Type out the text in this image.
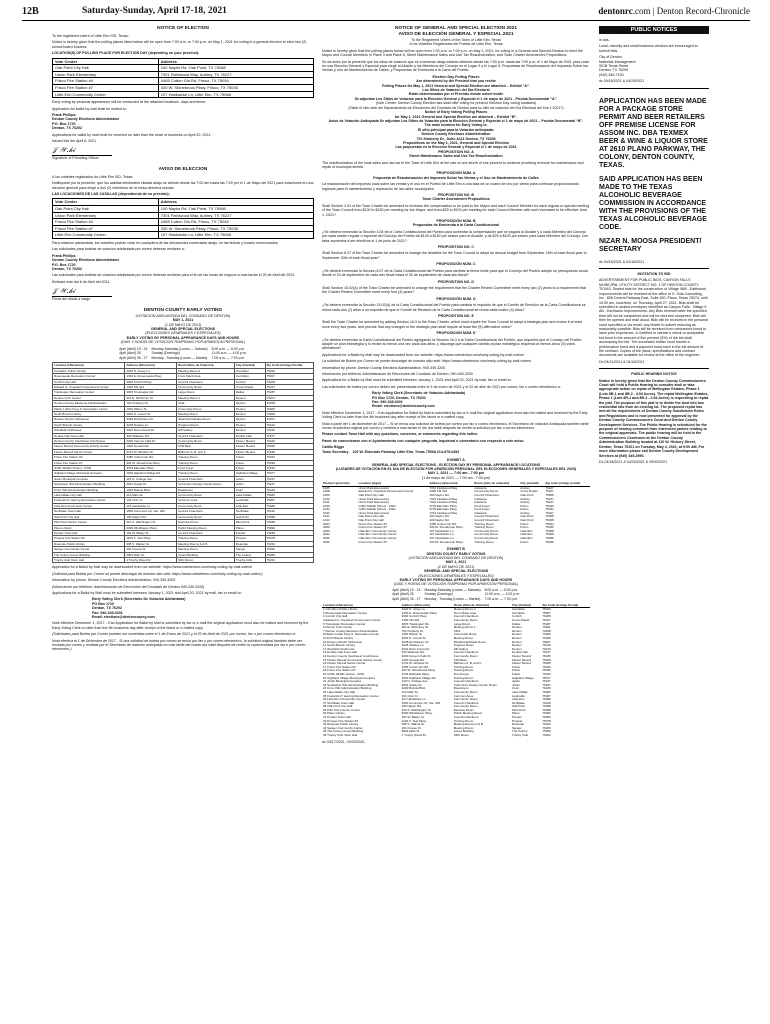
12B	Saturday-Sunday, April 17-18, 2021	dentonrc.com | Denton Record-Chronicle
NOTICE OF ELECTION
To the registered voters of Little Elm ISD, Texas:
Notice is hereby given that the polling places listed below will be open from 7:00 a.m. to 7:00 p.m. on May 1, 2021 for voting in a general election to elect two (2) school board trustees.
LOCATION(S) OF POLLING PLACE FOR ELECTION DAY (depending on your precinct):
Vote Center	Address
Oak Point City Hall	100 Naylor Rd, Oak Point, TX 75068
Union Park Elementary	7301 Fieldwood Way, Aubrey, TX 76227
Frisco Fire Station #4	4485 Cotton Gin Rd, Frisco, TX 75034
Frisco Fire Station #7	330 W. Stonebrook Pkwy, Frisco, TX 75036
Little Elm Community Center	107 Hardwicke Ln, Little Elm, TX 75068
Early voting by personal appearance will be conducted at the attached locations, days and times.
Application for ballot by mail shall be mailed to:
Frank Phillips
Denton County Elections Administrator
P.O. Box 1720
Denton, TX 76202
Applications for ballot by mail must be received no later than the close of business on April 20, 2021.
Issued this the April 6, 2021.
𝒥 𝒲.𝒽𝒾
Signature of Presiding Officer
AVISO DE ELECCION
A los votantes registrados de Little Elm ISD, Texas:
Notifíquese por la presente, que los casillas electorales citadas abajo se abrirán desde las 7:00 am hasta las 7:00 pm el 1 de Mayo del 2021 para votaciones en una elección general para elegir a dos (2) miembros de la mesa directiva escolar.
LAS LOCACIONES DE LAS CASILLAS (dependiendo de su precinto):
Vote Center	Address
Oak Point City Hall	100 Naylor Rd, Oak Point, TX 75068
Union Park Elementary	7301 Fieldwood Way, Aubrey, TX 76227
Frisco Fire Station #4	4485 Cotton Gin Rd, Frisco, TX 75034
Frisco Fire Station #7	330 W. Stonebrook Pkwy, Frisco, TX 75036
Little Elm Community Center	107 Hardwicke Ln, Little Elm, TX 75068
Para votacion adelantada, los votantes podran votar en cualquiera de las ubicaciones nombradas abajo, en las fechas y horario mencionados.
Las solicitudes para boletas de votacion adelantada por correo deberan enviarse a:
Frank Phillips
Denton County Elections Administrator
P.O. Box 1720
Denton, TX 76202
Las solicitudes para boletas de votacion adelantada por correo deberan recibirse para el fin de las horas de negocio a mas tardar el 20 de Abril del 2021.
Emitada este dia 6 de Abril del 2021.
𝒥 𝒲.𝒽𝒾
Firma del oficial a cargo
DENTON COUNTY EARLY VOTING
(VOTACION ADELANTADA DEL CONDADO DE DENTON)
MAY 1, 2021
(1 DE MAYO DE 2021)
GENERAL AND SPECIAL ELECTIONS
(ELECCIONES GENERALES Y ESPECIALES)
EARLY VOTING BY PERSONAL APPEARANCE DAYS AND HOURS
(DIAS Y HORAS DE VOTACION TEMPRANO POR APARICION PERSONAL)
April (Abril) 19 - 24	Monday-Saturday (Lunes — Sabado)	8:00 a.m. — 5:00 p.m.
April (Abril) 25	Sunday (Domingo)	11:00 a.m. — 4:00 p.m.
April (Abril) 26 - 27	Monday - Tuesday (Lunes — Martes)	7:00 a.m. — 7:00 p.m.
Location (Ubicación)	Address (Dirección)	Room (Sitio de Votación)	City (Ciudad)	Zip Code (Código Postal)
Carrollton Public Library	4220 N. Josey Ln.	Meeting Room 2	Carrollton	75010
Rosemeade Recreation Center	1330 E. Rosemeade Pkwy.	Front Stack Area	Carrollton	75007
Corinth City Hall	3300 Corinth Pkwy.	Council Chambers	Corinth	76208
Edward G. Copeland Government Center	1400 FM 424	Community Room	Cross Roads	76227
Trietsiogter Recreation Center	3815 Trietsiogter Rd.	Large Room	Dallas	75287
Denton Civic Center	321 E. McKinney St.	Meeting Room 1	Denton	76201
Denton County Elections Administration	701 Kimberly Dr.	A111	Denton	76208
Martin Luther King Jr. Recreation Center	1300 Wilson St.	Annemarie Room	Denton	76205
North Branch Library	3020 N. Locust St.	Meeting Room	Denton	76209
Robson Ranch Clubhouse	9428 Ed Robson Cir.	Weatherford/Hale Room	Denton	76207
South Branch Library	3228 Teasley Ln.	Program Room	Denton	76210
Westfield Clubhouse	3301 River Forest Dr.	Hill Gallery	Denton	76210
Double Oak Town Hall	320 Waketon Rd.	Council Chambers	Double Oak	75077
Denton County Southwest Courthouse	6200 Canyon Falls Dr.	Community Room	Flower Mound	76226
Flower Mound Community Activity Center	1200 Gerault Rd.	Chili Bear	Flower Mound	75028
Flower Mound Senior Center	2701 W. Windsor Dr.	Ballroom A, B, and C	Flower Mound	75028
Frisco Fire Station #4	4485 Cotton Gin Rd.	Training Room	Frisco	75034
Frisco Fire Station #7	330 W. Stonebrook Pkwy.	Training Room	Frisco	75036
Griffin Middle School - FISD	3703 Eldorado Pkwy.	Front Foyer	Frisco	75033
Highland Village Municipal Complex	1000 Highland Village Rd.	Training Room	Highland Village	75077
Justin Municipal Complex	415 N. College Ave.	Council Chambers	Justin	76247
Southwest ISD Administration Building	2001 Teasly Dr.	Curriculum Design Center Room	Justin	76247
Krum ISD Administration Building	1200 Bobcat Blvd.	Boardroom	Krum	76249
Lake Dallas City Hall	212 Main St.	Community Room	Lake Dallas	75065
Frederick P. Herring Recreation Center	191 Civic Cr.	Common Area	Lewisville	75067
Little Elm Community Center	107 Hardwicke Ln.	Community Room	Little Elm	75068
Northlake Town Hall	1500 Commons Cir. Ste. 300	Council Chambers	Northlake	76226
Oak Point City Hall	100 Naylor Rd.	Community Room	Oak Point	75068
Pilot Point Senior Center	310 S. Washington St.	Exercise Room	Pilot Point	76258
Plano Library	6300 Windhaven Pkwy.	Public Meeting Room	Plano	75093
Ponder Town Hall	102 W. Bailey St.	Council Chambers	Ponder	76259
Prosper Fire Station #2	1100 S. Teel Pkwy.	Training Room	Prosper	75078
Roanoke Public Library	308 S. Walnut St.	Meeting Rooms A & B	Roanoke	76262
Sanger Community Center	101 Freese Dr.	Meeting Room	Sanger	76266
The Colony Annex Building	6804 Main St.	Annex Building	The Colony	75056
Trophy Club Town Hall	1 Trophy Wood Dr.	SDC Room	Trophy Club	76262
Application for a Ballot by Mail may be downloaded from our website: https://www.votedenton.com/early-voting-by-mail-voters/
(Solicitud para Boleta por Correo se puede descargar de nuestro sitio web: https://www.votedenton.com/early-voting-by-mail-voters/)
Information by phone: Denton County Elections Administration, 940-349-3200
(Información por teléfono: Administración de Elecciones del Condado de Denton 940-349-3200)
Applications for a Ballot by Mail must be submitted between January 1, 2021 and April 20, 2021 by mail, fax or email to:
Early Voting Clerk (Secretario De Votación Adelantada)
PO Box 1720
Denton, TX 76202
Fax: 940-349-3201
Email: elections@dentoncounty.com
Note effective December 1, 2017 - If an Application for Ballot by Mail is submitted by fax or e-mail the original application must also be mailed and received by the Early Voting Clerk no later than the 4th business day after receipt of the faxed or e-mailed copy.
(Solicitudes para Boleta por Correo pueden ser sometidas entre el 1 de Enero de 2021 y el 20 de Abril de 2021 por correo, fax o por correo electrónico a:
Nota efectiva el 1 de Diciembre de 2017 - Si una solicitud de boleta por correo se envía por fax o por correo electrónico, la solicitud original también debe ser enviada por correo y recibida por el Secretario de votación anticipada no más tarde del cuarto día hábil después de recibir la copia enviada por fax o por correo electrónico.)
NOTICE OF GENERAL AND SPECIAL ELECTION 2021
AVISO DE ELECCIÓN GENERAL Y ESPECIAL 2021
To the Registered Voters of the Town of Little Elm, Texas
A los Votantes Registrados del Pueblo de Little Elm, Texas
Notice is hereby given that the polling places below will be open from 7:00 a.m. to 7:00 p.m. on May 1, 2021, for voting in a General and Special Election to elect the Mayor and Council Members in Place 3 and Place 5, Street Maintenance Sales and Use Tax Reauthorization, and Town Charter Amendment Propositions.
Se da aviso por la presente que los sitios de votación que se enumeran abajo estarán abiertos desde las 7:00 a.m. hasta las 7:00 p.m. el 1 de Mayo de 2021 para votar en una Elección General y Especial para elegir al Alcalde y los Miembros del Concejo en el Lugar 3 y el Lugar 5, Propuestas de Reautorización del Impuesto Sobre las Ventas y Uso de Mantenimiento de Calles, y Propuestas de Enmienda a la Carta del Pueblo.
Election Day Polling Places
Are determined by the Precinct that you reside
Polling Places for May 1, 2021 General and Special Election are attached – Exhibit “A”.
Los Sitios de Votación del Día Electoral
Están determinados por el Precinto donde usted reside
Se adjuntan Los Sitios de Votación para la Elección General y Especial el 1 de mayo de 2021 - Prueba Documental “A”.
(Vote Center: Denton County Election ass shall offer voting for precinct Election Day voting locations)
(Visite el sitio web del Departamento de Elecciones del Condado de Denton para su sitio de votación del Día Electoral del Día 1 2021?)
Notice of Early Voting Polling Places
for May 1, 2021 General and Special Election are attached – Exhibit “B”.
Aviso de Votación Anticipada Se adjuntan Los Sitios de Votación para la Elección General y Especial el 1 de mayo de 2021 – Prueba Documental “B”.
The main location for Early Voting is:
El sitio principal para la Votación anticipada:
Denton County Elections Administration
701 Kimberly Dr., Suite A111 Denton, TX 76208
Propositions on the May 1, 2021, General and Special Election
Las propuestas en la Elección General y Especial el 1 de mayo de 2021
PROPOSITION NO. A
Street Maintenance Sales and Use Tax Reauthorization
The reauthorization of the local sales and use tax in the Town of Little Elm at the rate of one-fourth of one percent to continue providing revenue for maintenance and repair of municipal streets.
PROPOSICIÓN NÚM. A
Propuesta de Reautorización del Impuesto Sobre las Ventas y el Uso de Mantenimiento de Calles
La reautorización del impuesto local sobre las ventas y el uso en el Pueblo de Little Elm a una tasa de un cuarto de uno por ciento para continuar proporcionando ingresos para el mantenimiento y reparación de las calles municipales.
PROPOSITION NO. B
Town Charter Amendment Propositions
Shall Section 3.04 of the Town Charter be amended to increase the compensation to be paid to the Mayor and each Council Member for each regular or special meeting of the Town Council from $100 to $150 per meeting for the Mayor, and from $25 to $100 per meeting for each Council Member with such increases to be effective June 1, 2021?
PROPOSICIÓN NÚM. B
Propuestas de Enmienda a la Carta Constitucional
¿Se deberá enmendar la Sección 3.04 de la Carta Constitucional del Pueblo para aumentar la compensación que se pagará al Alcalde y a cada Miembro del Concejo por cada sesión regular o especial del Concejo del Pueblo de $100 a $150 por sesión para el Alcalde, y de $25 a $100 por sesión para cada Miembro del Concejo, con tales aumentos a ser efectivos el 1 de junio de 2021?
PROPOSITION NO. C
Shall Section 8.07 of the Town Charter be amended to change the deadline for the Town Council to adopt an annual budget from September 15th of each fiscal year to September 30th of each fiscal year?
PROPOSICIÓN NÚM. C
¿Se deberá enmendar la Sección 8.07 de la Carta Constitucional del Pueblo para cambiar la fecha límite para que el Concejo del Pueblo adopte un presupuesto anual desde el 15 de septiembre de cada año fiscal hasta el 30 de septiembre de cada año fiscal?
PROPOSITION NO. D
Shall Section 15.02(A) of the Town Charter be amended to change the requirement that the Charter Review Committee meet every two (2) years to a requirement that the Charter Review Committee meet every four (4) years?
PROPOSICIÓN NÚM. D
¿Se deberá enmendar la Sección 15.02(A) de la Carta Constitucional del Pueblo para cambiar el requisito de que el Comité de Revisión de la Carta Constitucional se reúna cada dos (2) años a un requisito de que el Comité de Revisión de la Carta Constitucional se reúna cada cuatro (4) años?
PROPOSITION NO. E
Shall the Town Charter be amended by adding Section 16.3 to the Town Charter, which shall require the Town Council to adopt a strategic plan and review it at least once every two years, and provide that any changes to the strategic plan shall require at least five (5) affirmative votes?
PROPOSICIÓN NÚM. E
¿Se deberá enmendar la Carta Constitucional del Pueblo agregando la Sección 16.3 a la Carta Constitucional del Pueblo, que requerirá que el Concejo del Pueblo adopte un plan estratégico y lo revise al menos una vez cada dos años, y disponga que cualquier cambio al plan estratégico requerirá al menos cinco (5) votos afirmativos?
Applications for a Ballot by Mail may be downloaded from our website: https://www.votedenton.com/early-voting-by-mail-voters/
La solicitud de Boleta por Correo se puede descargar de nuestro sitio web: https://www.votedenton.com/early-voting-by-mail-voters/
Information by phone: Denton County Elections Administration, 940-349-3200
Información por teléfono: Administración de Elecciones del Condado de Denton, 940-349-3200
Applications for a Ballot by Mail must be submitted between January 1, 2021 and April 20, 2021 by mail, fax or email to:
Las solicitudes de boleta por correo deben ser presentadas entre el 1 de enero de 2021 y el 20 de abril de 2021 por correo, fax o correo electrónico a:
Early Voting Clerk (Secretario de Votación Adelantada)
PO Box 1720, Denton, TX 76202
Fax: 940-349-3201
Email: elections@dentoncounty.com
Note effective December 1, 2017 - If an Application for Ballot by Mail is submitted by fax or e-mail the original application must also be mailed and received by the Early Voting Clerk no later than the 4th business day after receipt of the faxed or e-mailed copy.
Nota a partir del 1 de diciembre de 2017 – Si se envía una solicitud de boleta por correo por fax o correo electrónico, el Secretario de Votación Anticipada también debe enviar la solicitud original por correo y recibirla a más tardar el 4to día hábil después de recibir la solicitud por fax o correo electrónico.
Please contact Town Hall with any questions, concerns, or comments regarding this notice.
Favor de comunicarse con el Ayuntamiento con cualquier pregunta, inquietud o comentario con respecto a este aviso.
Caitlin Biggs
Town Secretary 100 W. Eldorado Parkway Little Elm, Texas 75068 214-975-0452
EXHIBIT A
GENERAL AND SPECIAL ELECTIONS - ELECTION DAY BY PERSONAL APPEARANCE LOCATIONS
(LUGARES DE VOTACIÓN EN EL DÍA DE ELECCIÓN POR APARICIÓN PERSONAL DEL ELECCIONES GENERALES Y ESPECIALES DEL 2020)
MAY 1, 2021 — 7:00 am - 7:00 pm
(1 de mayo de 2021 — 7:00 am - 7:00 pm)
Precinct (precinto)	Location (lugar)	Address (dirección)	Room (sitio de votación)	City (ciudad)	Zip code (código postal)
1005	Union Park Elementary	7301 Fieldwood Way	Cafeteria	Aubrey	76227
1008	Edward G. Copeland Government Center	1400 FM 424	Community Room	Cross Roads	76227
1009	Oak Point City Hall	100 Naylor Rd.	Council Chambers	Oak Point	75068
1010	Union Park Elementary	7301 Fieldwood Way	Cafeteria	Aubrey	76227
1011	Union Park Elementary	7301 Fieldwood Way	Cafeteria	Aubrey	76227
1030	Griffin Middle School - FISD	3703 Eldorado Pkwy.	Front Foyer	Frisco	75033
1032	Griffin Middle School - FISD	3703 Eldorado Pkwy.	Front Foyer	Frisco	75033
1033	Union Park Elementary	7301 Fieldwood Way	Cafeteria	Aubrey	76227
1041	Oak Point City Hall	100 Naylor Rd.	Council Chambers	Oak Point	75068
1042	Oak Point City Hall	100 Naylor Rd.	Council Chambers	Oak Point	75068
2004	Frisco Fire Station #4	4485 Cotton Gin Rd.	Training Room	Frisco	75034
2009	Frisco Fire Station #7	330 W. Stonebrook Pkwy.	Training Room	Frisco	75036
2090	Little Elm Community Center	107 Hardwicke Ln.	Community Room	Little Elm	75068
2092	Little Elm Community Center	107 Hardwicke Ln.	Community Room	Little Elm	75068
2095	Little Elm Community Center	107 Hardwicke Ln.	Community Room	Little Elm	75068
2096	Frisco Fire Station #7	330 W. Stonebrook Pkwy.	Training Room	Frisco	75036
EXHIBIT B
DENTON COUNTY EARLY VOTING
(VOTACIÓN ADELANTADA DEL CONDADO DE DENTON)
MAY 1, 2021
(1 DE MAYO DE 2021)
GENERAL AND SPECIAL ELECTIONS
(ELECCIONES GENERALES Y ESPECIALES)
EARLY VOTING BY PERSONAL APPEARANCE DAYS AND HOURS
(DÍAS Y HORAS DE VOTACIÓN TEMPRANO POR APARICIÓN PERSONAL)
April (Abril) 19 - 24	Monday-Saturday (Lunes — Sábado)	8:00 a.m. — 5:00 p.m.
April (Abril) 25	Sunday (Domingo)	11:00 a.m. — 4:00 p.m.
April (Abril) 26 - 27	Monday - Tuesday (Lunes — Martes)	7:00 a.m. — 7:00 p.m.
Location (Ubicación)	Address (Dirección)	Room (Sitio de Votación)	City (Ciudad)	Zip Code (Código Postal)
1 Carrollton Public Library	4220 N. Josey Ln.	Meeting Room 2	Carrollton	75010
2 Rosemeade Recreation Center	1330 E. Rosemeade Pkwy.	Front Stack Area	Carrollton	75007
3 Corinth City Hall	3300 Corinth Pkwy.	Council Chambers	Corinth	76208
4 Edward G. Copeland Government Center	1400 FM 424	Community Room	Cross Roads	76227
5 Trietsiogter Recreation Center	3815 Trietsiogter Rd.	Large Room	Dallas	75287
6 Denton Civic Center	321 E. McKinney St.	Meeting Room 1	Denton	76201
7 Denton County Elections Administration	701 Kimberly Dr.	A111	Denton	76208
8 Martin Luther King Jr. Recreation Center	1300 Wilson St.	Annemarie Room	Denton	76205
9 North Branch Library	3020 N. Locust St.	Meeting Room	Denton	76209
10 Robson Ranch Clubhouse	9428 Ed Robson Cir.	Weatherford/Hale Room	Denton	76207
11 South Branch Library	3228 Teasley Ln.	Program Room	Denton	76210
12 Westfield Clubhouse	3301 River Forest Dr.	Hill Gallery	Denton	76210
13 Double Oak Town Hall	320 Waketon Rd.	Council Chambers	Double Oak	75077
14 Denton County Southwest Courthouse	6200 Canyon Falls Dr.	Community Room	Flower Mound	76226
15 Flower Mound Community Activity Center	1200 Gerault Rd.	Chili Bear	Flower Mound	75028
16 Flower Mound Senior Center	2701 W. Windsor Dr.	Ballroom A, B, and C	Flower Mound	75028
17 Frisco Fire Station #4	4485 Cotton Gin Rd.	Training Room	Frisco	75034
18 Frisco Fire Station #7	330 W. Stonebrook Pkwy.	Training Room	Frisco	75036
19 Griffin Middle School - FISD	3703 Eldorado Pkwy.	Front Foyer	Frisco	75033
20 Highland Village Municipal Complex	1000 Highland Village Rd.	Training Room	Highland Village	75077
21 Justin Municipal Complex	415 N. College Ave.	Council Chambers	Justin	76247
22 Southwest ISD Administration Building	2001 Teasly Dr.	Curriculum Design Center Room	Justin	76247
23 Krum ISD Administration Building	1200 Bobcat Blvd.	Boardroom	Krum	76249
24 Lake Dallas City Hall	212 Main St.	Community Room	Lake Dallas	75065
25 Frederick P. Herring Recreation Center	191 Civic Cr.	Common Area	Lewisville	75067
26 Little Elm Community Center	107 Hardwicke Ln.	Community Room	Little Elm	75068
27 Northlake Town Hall	1500 Commons Cir. Ste. 300	Council Chambers	Northlake	76226
28 Oak Point City Hall	100 Naylor Rd.	Community Room	Oak Point	75068
29 Pilot Point Senior Center	310 S. Washington St.	Exercise Room	Pilot Point	76258
30 Plano Library	6300 Windhaven Pkwy.	Public Meeting Room	Plano	75093
31 Ponder Town Hall	102 W. Bailey St.	Council Chambers	Ponder	76259
32 Prosper Fire Station #2	1100 S. Teel Pkwy.	Training Room	Prosper	75078
33 Roanoke Public Library	308 S. Walnut St.	Meeting Rooms A & B	Roanoke	76262
34 Sanger Community Center	101 Freese Dr.	Meeting Room	Sanger	76266
35 The Colony Annex Building	6804 Main St.	Annex Building	The Colony	75056
36 Trophy Club Town Hall	1 Trophy Wood Dr.	SDC Room	Trophy Club	76262
dc 04/17/2021, 04/24/2021
PUBLIC NOTICES
in ads.
Local, minority and small business vendors are encouraged to submit bids.
City of Denton
Materials Management
901B Texas Street
Denton, TX 76209
(940) 349-7100
dc 04/18/2021 & 04/25/2021
APPLICATION HAS BEEN MADE FOR A PACKAGE STORE PERMIT AND BEER RETAILERS OFF PREMISE LICENSE FOR ASSOM INC. DBA TEXMEX BEER & WINE & LIQUOR STORE AT 2610 PLANO PARKWAY, THE COLONY, DENTON COUNTY, TEXAS.
SAID APPLICATION HAS BEEN MADE TO THE TEXAS ALCOHOLIC BEVERAGE COMMISSION IN ACCORDANCE WITH THE PROVISIONS OF THE TEXAS ALCOHOLIC BEVERAGE CODE.
NIZAR N. MOOSA PRESIDENT/ SECRETARY
dc 04/16/2021 & 04/18/2021
INVITATION TO BID
ADVERTISEMENT FOR PUBLIC BIDS, CANYON FALLS MUNICIPAL UTILITY DISTRICT NO. 1 OF DENTON COUNTY, TEXAS. Sealed bids for the construction of Village 9AB - Earthwork Improvements will be received at the office of G. Kids Consulting, Inc., 808 Central Parkway East, Suite 300, Plano, Texas 75074, until 10:00 am, local time, on Thursday, April 27, 2021. Bids shall be submitted in sealed envelopes identified as Canyon Falls - Village 9 AB - Earthwork Improvements. Any Bids received after the specified time will not be considered and will be returned unopened. Bids will then be opened and read aloud. Bids will be received in the personal room specified or via email, any bidder to submit reducing as reasonably possible. Bids will be received from contractors found to have prior experience. A Certified or cashier's check or acceptable bid bond in the amount of five percent (5%) of the bid shall accompany the bid. The successful bidder must furnish a performance bond and a payment bond each in the full amount of the contract. Copies of the plans, specifications and contract documents are available for review at the office of the engineer.
Dc 04/11/2021 & 04/18/2021
PUBLIC HEARING NOTICE
Notice is hereby given that the Denton County Commissioners Court will hold a Public Hearing to consider and/ or take appropriate action on replat of Wellington Estates, Phase 1 (Lots 8R-1 and 8R-2 - 4.94 Acres). The replat Wellington Estates, Phase 1 (Lots 8R-1 and 8R-2 - 4.94 Acres) is requesting to replat the plat. The purpose of this plat is to divide the land into two residential lots from an existing lot. The proposed replat has met all the requirements of Denton County Subdivision Rules and Regulations and is now presented for approval by the Denton County Commissioners Court and Denton County Development Services. The Public Hearing is scheduled for the purpose of hearing comment from interested parties relating to the original approvals. The public hearing will be held in the Commissioners Courtroom at the Denton County Administration Building located at 110 W. Hickory Street, Denton, Texas 76201 on Tuesday, May 4, 2021, at 9:00 AM. For more information please call Denton County Development Services at (940) 349-2990.
Dc 04/18/2021 & 04/25/2021 & 05/02/2021
